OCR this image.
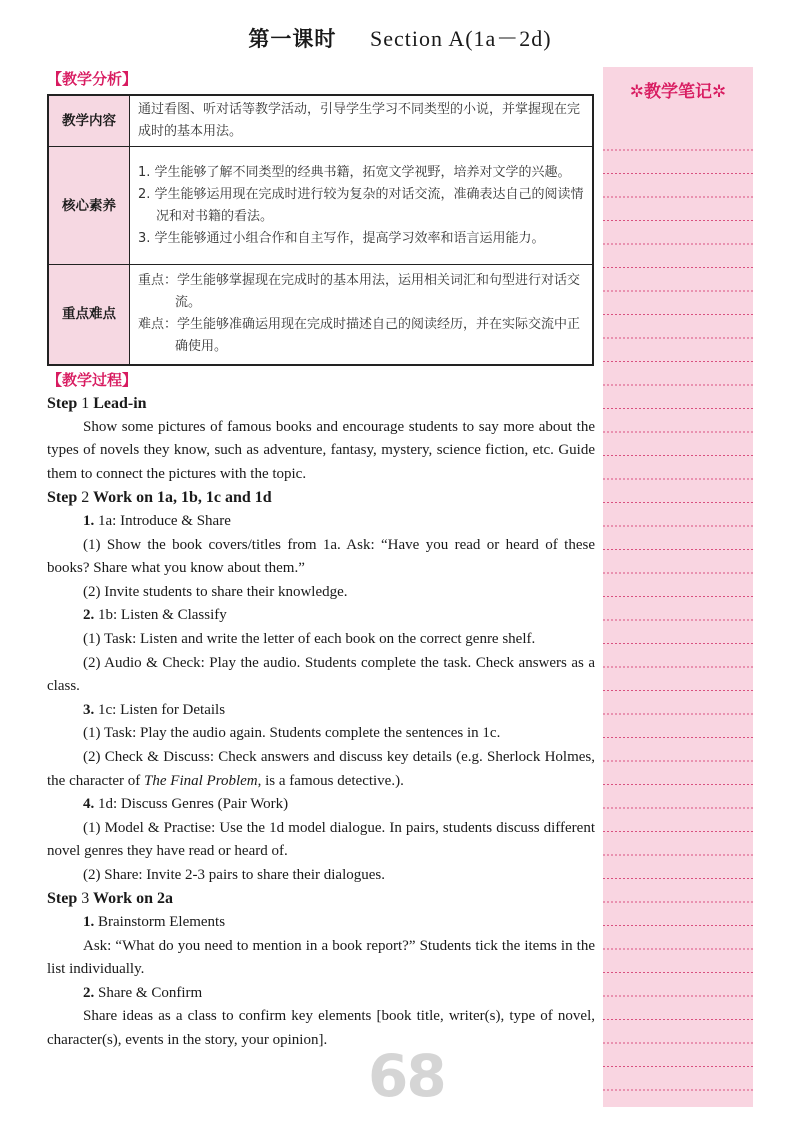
第一课时 Section A(1a－2d)
【教学分析】
教学内容	通过看图、听对话等教学活动，引导学生学习不同类型的小说，并掌握现在完成时的基本用法。
核心素养	1. 学生能够了解不同类型的经典书籍，拓宽文学视野，培养对文学的兴趣。
2. 学生能够运用现在完成时进行较为复杂的对话交流，准确表达自己的阅读情况和对书籍的看法。
3. 学生能够通过小组合作和自主写作，提高学习效率和语言运用能力。

重点难点	重点：学生能够掌握现在完成时的基本用法，运用相关词汇和句型进行对话交流。
难点：学生能够准确运用现在完成时描述自己的阅读经历，并在实际交流中正确使用。
【教学过程】

Step 1 Lead-in

Show some pictures of famous books and encourage students to say more about the types of novels they know, such as adventure, fantasy, mystery, science fiction, etc. Guide them to connect the pictures with the topic.

Step 2 Work on 1a, 1b, 1c and 1d

1. 1a: Introduce & Share

(1) Show the book covers/titles from 1a. Ask: “Have you read or heard of these books? Share what you know about them.”

(2) Invite students to share their knowledge.

2. 1b: Listen & Classify

(1) Task: Listen and write the letter of each book on the correct genre shelf.

(2) Audio & Check: Play the audio. Students complete the task. Check answers as a class.

3. 1c: Listen for Details

(1) Task: Play the audio again. Students complete the sentences in 1c.

(2) Check & Discuss: Check answers and discuss key details (e.g. Sherlock Holmes, the character of The Final Problem, is a famous detective.).

4. 1d: Discuss Genres (Pair Work)

(1) Model & Practise: Use the 1d model dialogue. In pairs, students discuss different novel genres they have read or heard of.

(2) Share: Invite 2-3 pairs to share their dialogues.

Step 3 Work on 2a

1. Brainstorm Elements

Ask: “What do you need to mention in a book report?” Students tick the items in the list individually.

2. Share & Confirm

Share ideas as a class to confirm key elements [book title, writer(s), type of novel, character(s), events in the story, your opinion].

✲教学笔记✲
68
